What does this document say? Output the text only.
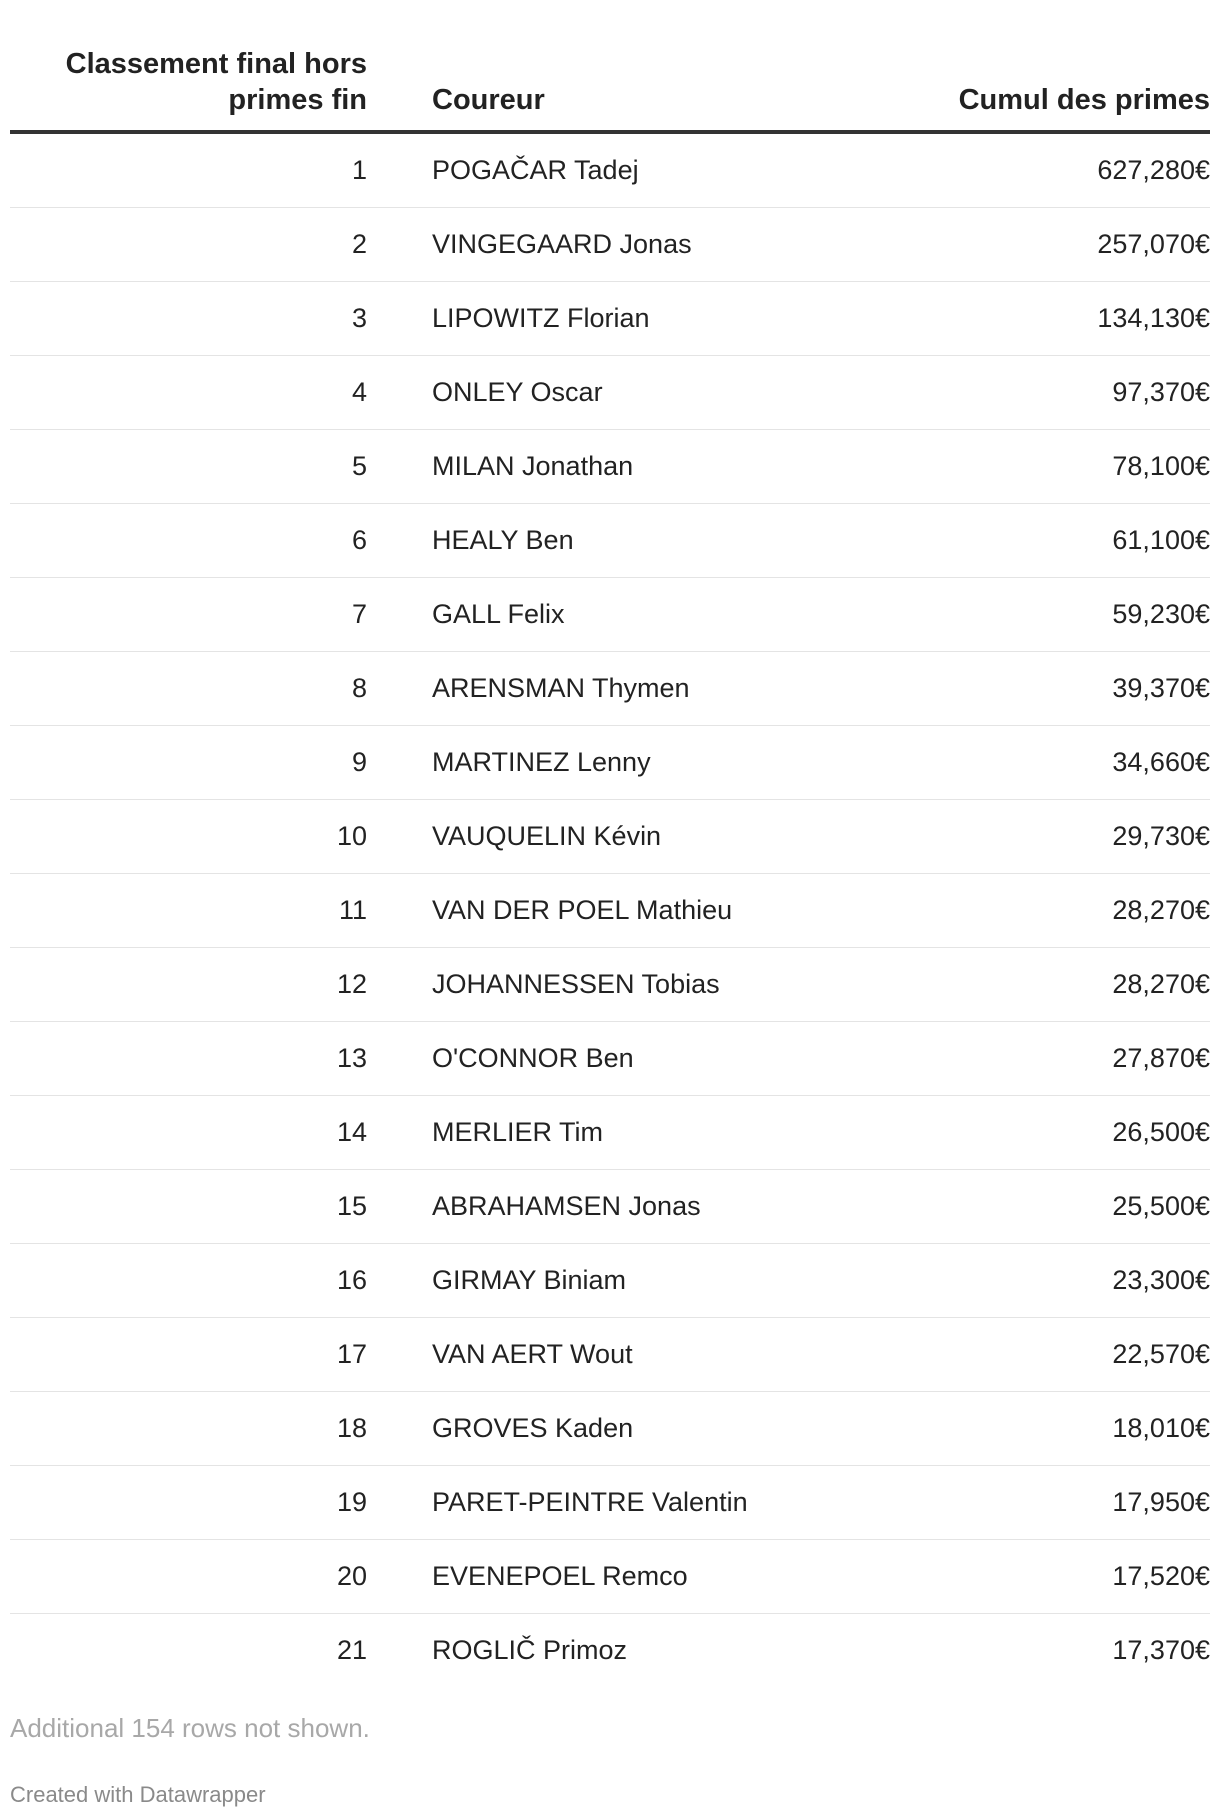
Classement final hors
primes fin	Coureur	Cumul des primes
1	POGAČAR Tadej	627,280€
2	VINGEGAARD Jonas	257,070€
3	LIPOWITZ Florian	134,130€
4	ONLEY Oscar	97,370€
5	MILAN Jonathan	78,100€
6	HEALY Ben	61,100€
7	GALL Felix	59,230€
8	ARENSMAN Thymen	39,370€
9	MARTINEZ Lenny	34,660€
10	VAUQUELIN Kévin	29,730€
11	VAN DER POEL Mathieu	28,270€
12	JOHANNESSEN Tobias	28,270€
13	O'CONNOR Ben	27,870€
14	MERLIER Tim	26,500€
15	ABRAHAMSEN Jonas	25,500€
16	GIRMAY Biniam	23,300€
17	VAN AERT Wout	22,570€
18	GROVES Kaden	18,010€
19	PARET-PEINTRE Valentin	17,950€
20	EVENEPOEL Remco	17,520€
21	ROGLIČ Primoz	17,370€
Additional 154 rows not shown.
Created with Datawrapper
